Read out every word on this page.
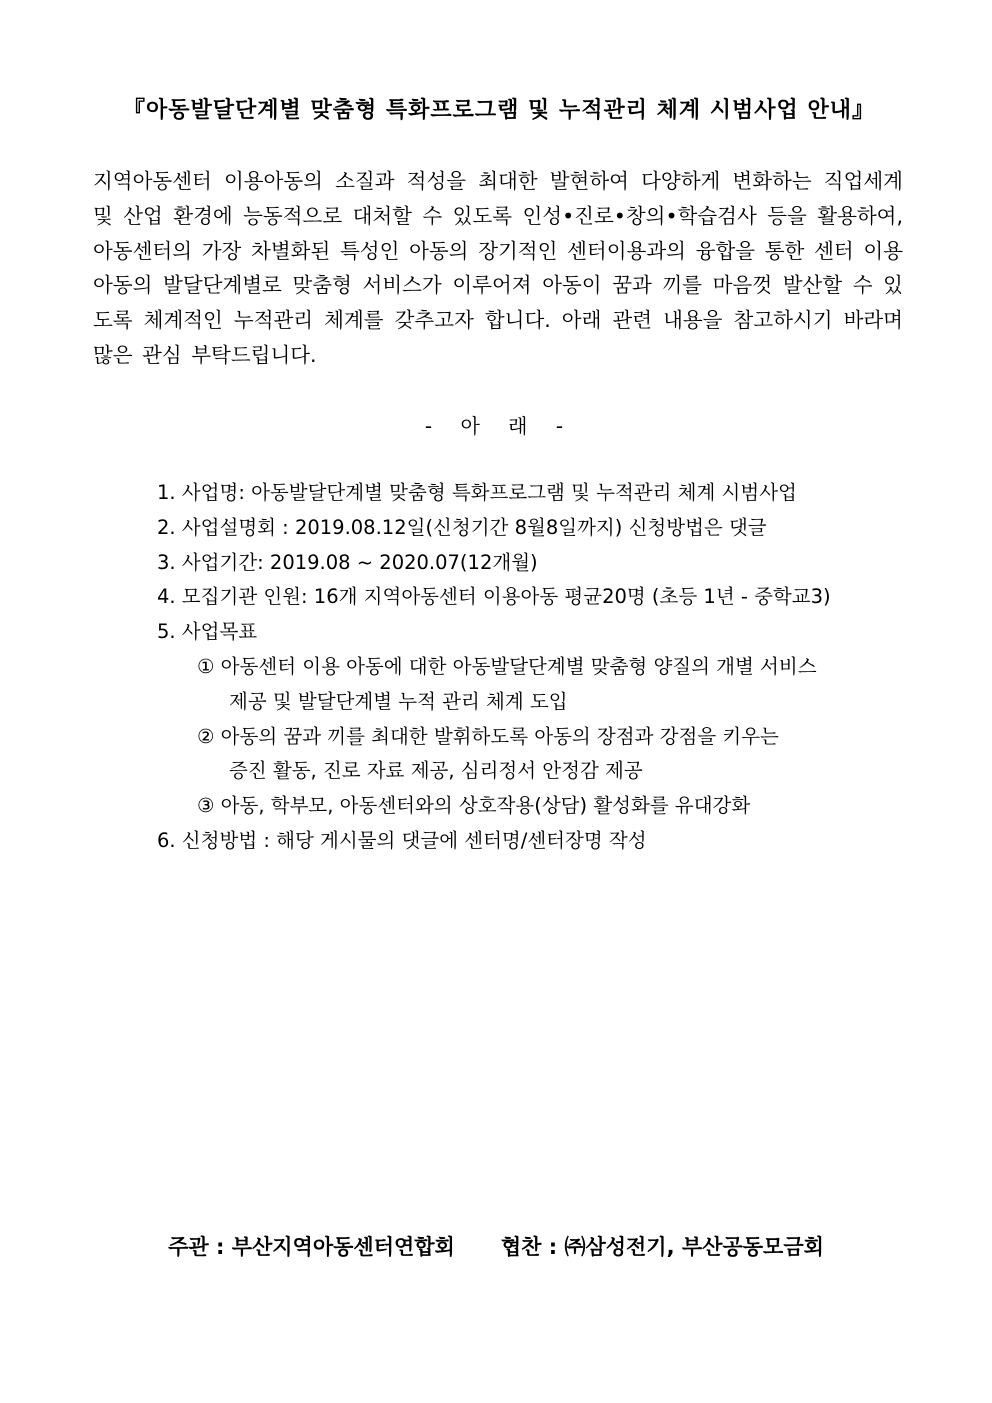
『아동발달단계별 맞춤형 특화프로그램 및 누적관리 체계 시범사업 안내』

지역아동센터 이용아동의 소질과 적성을 최대한 발현하여 다양하게 변화하는 직업세계 및 산업 환경에 능동적으로 대처할 수 있도록 인성•진로•창의•학습검사 등을 활용하여, 아동센터의 가장 차별화된 특성인 아동의 장기적인 센터이용과의 융합을 통한 센터 이용 아동의 발달단계별로 맞춤형 서비스가 이루어져 아동이 꿈과 끼를 마음껏 발산할 수 있도록 체계적인 누적관리 체계를 갖추고자 합니다. 아래 관련 내용을 참고하시기 바라며 많은 관심 부탁드립니다.

- 아 래 -
1. 사업명: 아동발달단계별 맞춤형 특화프로그램 및 누적관리 체계 시범사업
2. 사업설명회 : 2019.08.12일(신청기간 8월8일까지) 신청방법은 댓글
3. 사업기간: 2019.08 ~ 2020.07(12개월)
4. 모집기관 인원: 16개 지역아동센터 이용아동 평균20명 (초등 1년 - 중학교3)
5. 사업목표
① 아동센터 이용 아동에 대한 아동발달단계별 맞춤형 양질의 개별 서비스
제공 및 발달단계별 누적 관리 체계 도입
② 아동의 꿈과 끼를 최대한 발휘하도록 아동의 장점과 강점을 키우는
증진 활동, 진로 자료 제공, 심리정서 안정감 제공
③ 아동, 학부모, 아동센터와의 상호작용(상담) 활성화를 유대강화
6. 신청방법 : 해당 게시물의 댓글에 센터명/센터장명 작성
주관 : 부산지역아동센터연합회 협찬 : ㈜삼성전기, 부산공동모금회
